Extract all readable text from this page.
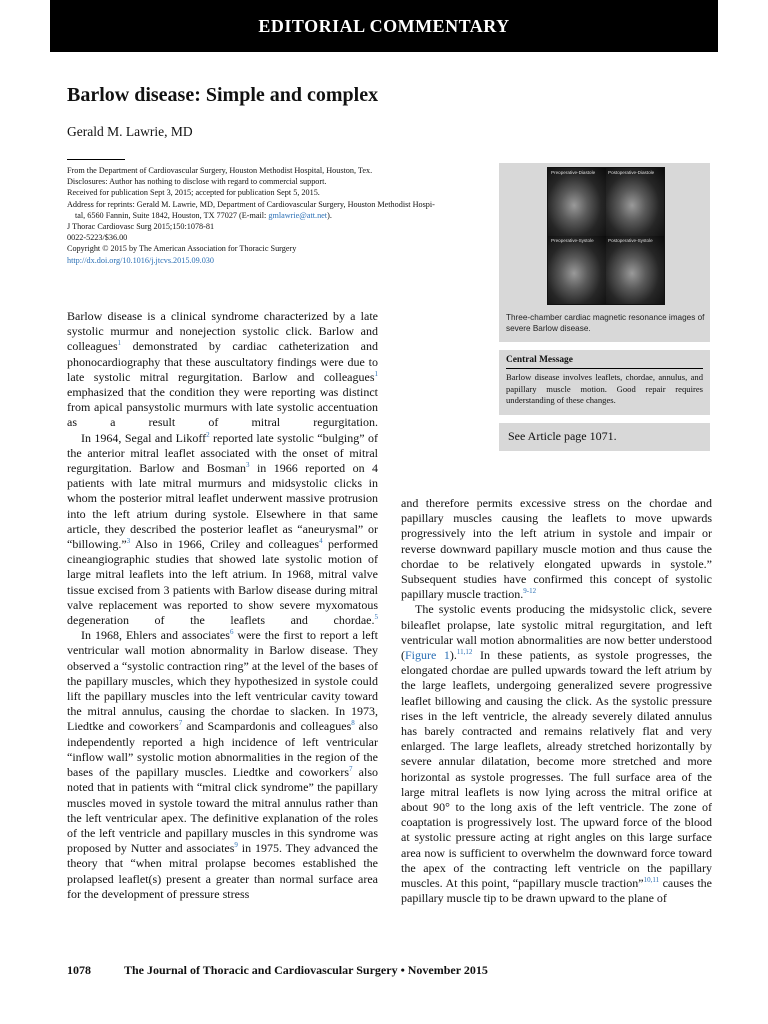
EDITORIAL COMMENTARY
Barlow disease: Simple and complex
Gerald M. Lawrie, MD
From the Department of Cardiovascular Surgery, Houston Methodist Hospital, Houston, Tex.
Disclosures: Author has nothing to disclose with regard to commercial support.
Received for publication Sept 3, 2015; accepted for publication Sept 5, 2015.
Address for reprints: Gerald M. Lawrie, MD, Department of Cardiovascular Surgery, Houston Methodist Hospi-
tal, 6560 Fannin, Suite 1842, Houston, TX 77027 (E-mail: gmlawrie@att.net).
J Thorac Cardiovasc Surg 2015;150:1078-81
0022-5223/$36.00
Copyright © 2015 by The American Association for Thoracic Surgery
http://dx.doi.org/10.1016/j.jtcvs.2015.09.030
Preoperative-Diastole	Postoperative-Diastole
Preoperative-Systole	Postoperative-Systole
Three-chamber cardiac magnetic resonance images of severe Barlow disease.
Central Message
Barlow disease involves leaflets, chordae, annulus, and papillary muscle motion. Good repair requires understanding of these changes.
See Article page 1071.

Barlow disease is a clinical syndrome characterized by a late systolic murmur and nonejection systolic click. Barlow and colleagues$^1$ demonstrated by cardiac catheterization and phonocardiography that these auscultatory findings were due to late systolic mitral regurgitation. Barlow and colleagues$^1$ emphasized that the condition they were reporting was distinct from apical pansystolic murmurs with late systolic accentuation as a result of mitral regurgitation.

In 1964, Segal and Likoff$^2$ reported late systolic “bulging” of the anterior mitral leaflet associated with the onset of mitral regurgitation. Barlow and Bosman$^3$ in 1966 reported on 4 patients with late mitral murmurs and midsystolic clicks in whom the posterior mitral leaflet underwent massive protrusion into the left atrium during systole. Elsewhere in that same article, they described the posterior leaflet as “aneurysmal” or “billowing.”$^3$ Also in 1966, Criley and colleagues$^4$ performed cineangiographic studies that showed late systolic motion of large mitral leaflets into the left atrium. In 1968, mitral valve tissue excised from 3 patients with Barlow disease during mitral valve replacement was reported to show severe myxomatous degeneration of the leaflets and chordae.$^5$

In 1968, Ehlers and associates$^6$ were the first to report a left ventricular wall motion abnormality in Barlow disease. They observed a “systolic contraction ring” at the level of the bases of the papillary muscles, which they hypothesized in systole could lift the papillary muscles into the left ventricular cavity toward the mitral annulus, causing the chordae to slacken. In 1973, Liedtke and coworkers$^7$ and Scampardonis and colleagues$^8$ also independently reported a high incidence of left ventricular “inflow wall” systolic motion abnormalities in the region of the bases of the papillary muscles. Liedtke and coworkers$^7$ also noted that in patients with “mitral click syndrome” the papillary muscles moved in systole toward the mitral annulus rather than the left ventricular apex. The definitive explanation of the roles of the left ventricle and papillary muscles in this syndrome was proposed by Nutter and associates$^9$ in 1975. They advanced the theory that “when mitral prolapse becomes established the prolapsed leaflet(s) present a greater than normal surface area for the development of pressure stress

and therefore permits excessive stress on the chordae and papillary muscles causing the leaflets to move upwards progressively into the left atrium in systole and impair or reverse downward papillary muscle motion and thus cause the chordae to be relatively elongated upwards in systole.” Subsequent studies have confirmed this concept of systolic papillary muscle traction.$^{9-12}$

The systolic events producing the midsystolic click, severe bileaflet prolapse, late systolic mitral regurgitation, and left ventricular wall motion abnormalities are now better understood (Figure 1).$^{11,12}$ In these patients, as systole progresses, the elongated chordae are pulled upwards toward the left atrium by the large leaflets, undergoing generalized severe progressive leaflet billowing and causing the click. As the systolic pressure rises in the left ventricle, the already severely dilated annulus has barely contracted and remains relatively flat and very enlarged. The large leaflets, already stretched horizontally by severe annular dilatation, become more stretched and more horizontal as systole progresses. The full surface area of the large mitral leaflets is now lying across the mitral orifice at about 90° to the long axis of the left ventricle. The zone of coaptation is progressively lost. The upward force of the blood at systolic pressure acting at right angles on this large surface area now is sufficient to overwhelm the downward force toward the apex of the contracting left ventricle on the papillary muscles. At this point, “papillary muscle traction”$^{10,11}$ causes the papillary muscle tip to be drawn upward to the plane of

1078	The Journal of Thoracic and Cardiovascular Surgery • November 2015
